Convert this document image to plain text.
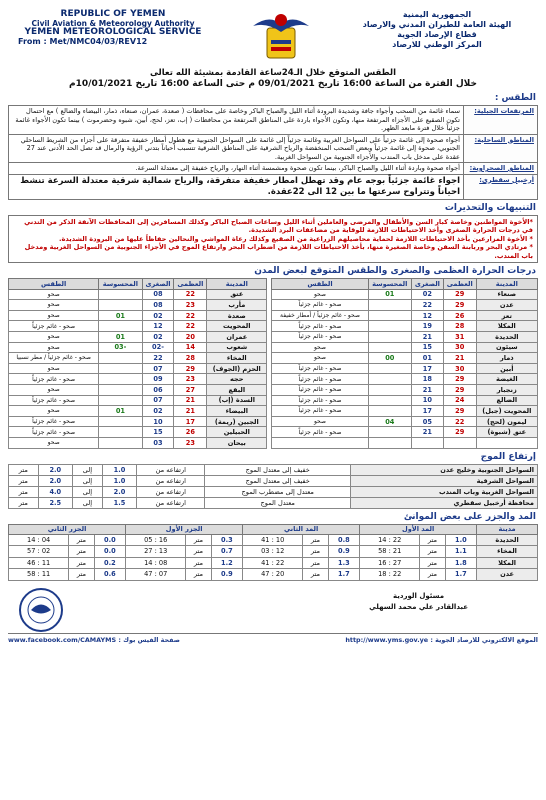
REPUBLIC OF YEMEN
Civil Aviation & Meteorology Authority
YEMEN METEOROLOGICAL SERVICE
From : Met/NMC04/03/REV12
الجمهورية اليمنية
الهيئة العامة للطيران المدني والارصاد
قطاع الإرصاد الجوية
المركز الوطني للارصاد
الطقس المتوقع خلال الـ24ساعة القادمة بمشيئة الله تعالى
خلال الفترة من الساعة 16:00 تاريخ 09/01/2021 م حتى الساعة 16:00 تاريخ 10/01/2021م
الطقس :
المرتفعات الجبلية:	سماء غائمة من السحب وأجواء جافة وشديدة البرودة أثناء الليل والصباح الباكر وخاصة على محافظات ( صعدة، عمران، صنعاء، ذمار، البيضاء والضالع ) مع احتمال تكون الصقيع على الأجزاء المرتفعة منها، وتكون الأجواء باردة على المناطق المرتفعة من محافظات ( إب، تعز، لحج، أبين، شبوه وحضرموت ) بينما تكون الأجواء غائمة جزئياً خلال فترة مابعد الظهر.
المناطق الساحلية:	أجواء صحوة إلى غائمة جزئياً على السواحل الغربية وغائمة جزئياً إلى غائمة على السواحل الجنوبية مع هطول أمطار خفيفة متفرقة على أجزاء من الشريط الساحلي الجنوبي، صحوة إلى غائمة جزئياً وبعض السحب المنخفضة والرياح الشرقية على المناطق الشرقية تتسبب أحياناً بتدني الرؤية والرمال قد تصل الحد الأدنى عند 27 عقدة على مدخل باب المندب والأجزاء الجنوبية من السواحل الغربية.
المناطق الصحراوية:	أجواء صحوة وباردة أثناء الليل والصباح الباكر، بينما تكون صحوة ومشمسة أثناء النهار، والرياح خفيفة إلى معتدلة السرعة.
أرخبيل سقطري:	اجواء غائمة جزئياً بوجه عام وقد تهطل امطار خفيفة متفرقة، والرياح شمالية شرقية معتدلة السرعة تنشط احياناً وتتراوح سرعتها ما بين 12 الى 22عقدة.
التنبيهات والتحذيرات
*الأخوة المواطنين وخاصة كبار السن والأطفال والمرضى والعاملين أثناء الليل وساعات الصباح الباكر وكذلك المسافرين إلى المحافظات الآنفة الذكر من التدني في درجات الحرارة الصغرى وأخذ الاحتياطات اللازمة للوقاية من مضاعفات البرد الشديدة.
* الأخوة المزارعين بأخذ الاحتياطات اللازمة لحماية محاصيلهم الزراعية من الصقيع وكذلك رعاة المواشي والنحالين حفاظاً عليها من البرودة الشديدة.
* مرتادي البحر وربابنة السفن وخاصة الصغيرة منها، بأخذ الاحتياطات اللازمة من اضطراب البحر وارتفاع الموج في الأجزاء الجنوبية من السواحل الغربية ومدخل باب المندب.
درجات الحرارة العظمى والصغرى والطقس المتوقع لبعض المدن
المدينة	العظمى	الصغرى	المحسوسة	الطقس		المدينة	العظمى	الصغرى	المحسوسة	الطقس
صنعاء	29	02	01	صحو		عتق	22	08		صحو
عدن	29	22		صحو - غائم جزئياً		مأرب	23	08		صحو
تعز	26	12		صحو - غائم جزئياً / أمطار خفيفة		صعدة	22	02	01	صحو
المكلا	28	19		صحو - غائم جزئياً		المحويت	22	12		صحو - غائم جزئياً
الحديدة	31	21		صحو - غائم جزئياً		عمران	20	02	01	صحو
سيئون	30	15		صحو		شعوب	14	-02	-03	صحو
ذمار	21	01	00	صحو		المخاء	28	22		صحو - غائم جزئياً / مطر نسبيا
أبين	30	17		صحو - غائم جزئياً		الحزم (الجوف)	29	07		صحو
الغيضة	29	18		صحو - غائم جزئياً		حجه	23	09		صحو - غائم جزئياً
زنجبار	29	21		صحو - غائم جزئياً		البقع	27	06		صحو
الضالع	24	10		صحو - غائم جزئياً		السدة (إب)	21	07		صحو - غائم جزئياً
المحويت (جبل)	29	17		صحو - غائم جزئياً		البيضاء	21	02	01	صحو
ليمون (لحج)	22	05	04	صحو		الجبين (ريمة)	17	10		صحو - غائم جزئياً
عتق (شبوة)	29	21		صحو - غائم جزئياً		الحبيلين	26	15		صحو - غائم جزئياً
						بيحان	23	03		صحو
إرتفاع الموج
السواحل الجنوبية وخليج عدن	خفيف إلى معتدل الموج	ارتفاعه من	1.0	إلى	2.0	متر
السواحل الشرقية	خفيف إلى معتدل الموج	ارتفاعه من	1.0	إلى	2.0	متر
السواحل الغربية وباب المندب	معتدل إلى مضطرب الموج	ارتفاعه من	2.0	إلى	4.0	متر
محافظة أرخبيل سقطري	معتدل الموج	ارتفاعه من	1.5	إلى	2.5	متر
المد والجزر على بعض الموانئ
مدينة	المد الأول			المد الثاني			الجزر الأول			الجزر الثاني		
الحديدة	1.0	متر	22 : 14	0.8	متر	10 : 41	0.3	متر	16 : 05	0.0	متر	04 : 14
المخاء	1.1	متر	21 : 58	0.9	متر	12 : 03	0.7	متر	13 : 27	0.0	متر	02 : 57
المكلا	1.8	متر	27 : 16	1.3	متر	22 : 41	1.2	متر	08 : 14	0.2	متر	11 : 46
عدن	1.7	متر	22 : 18	1.7	متر	20 : 47	0.9	متر	07 : 47	0.6	متر	11 : 58
مسئول الوردية
عبدالقادر علي محمد السهلي
الموقع الالكتروني للارصاد الجوية : http://www.yms.gov.ye
صفحة الفيس بوك : www.facebook.com/CAMAYMS
